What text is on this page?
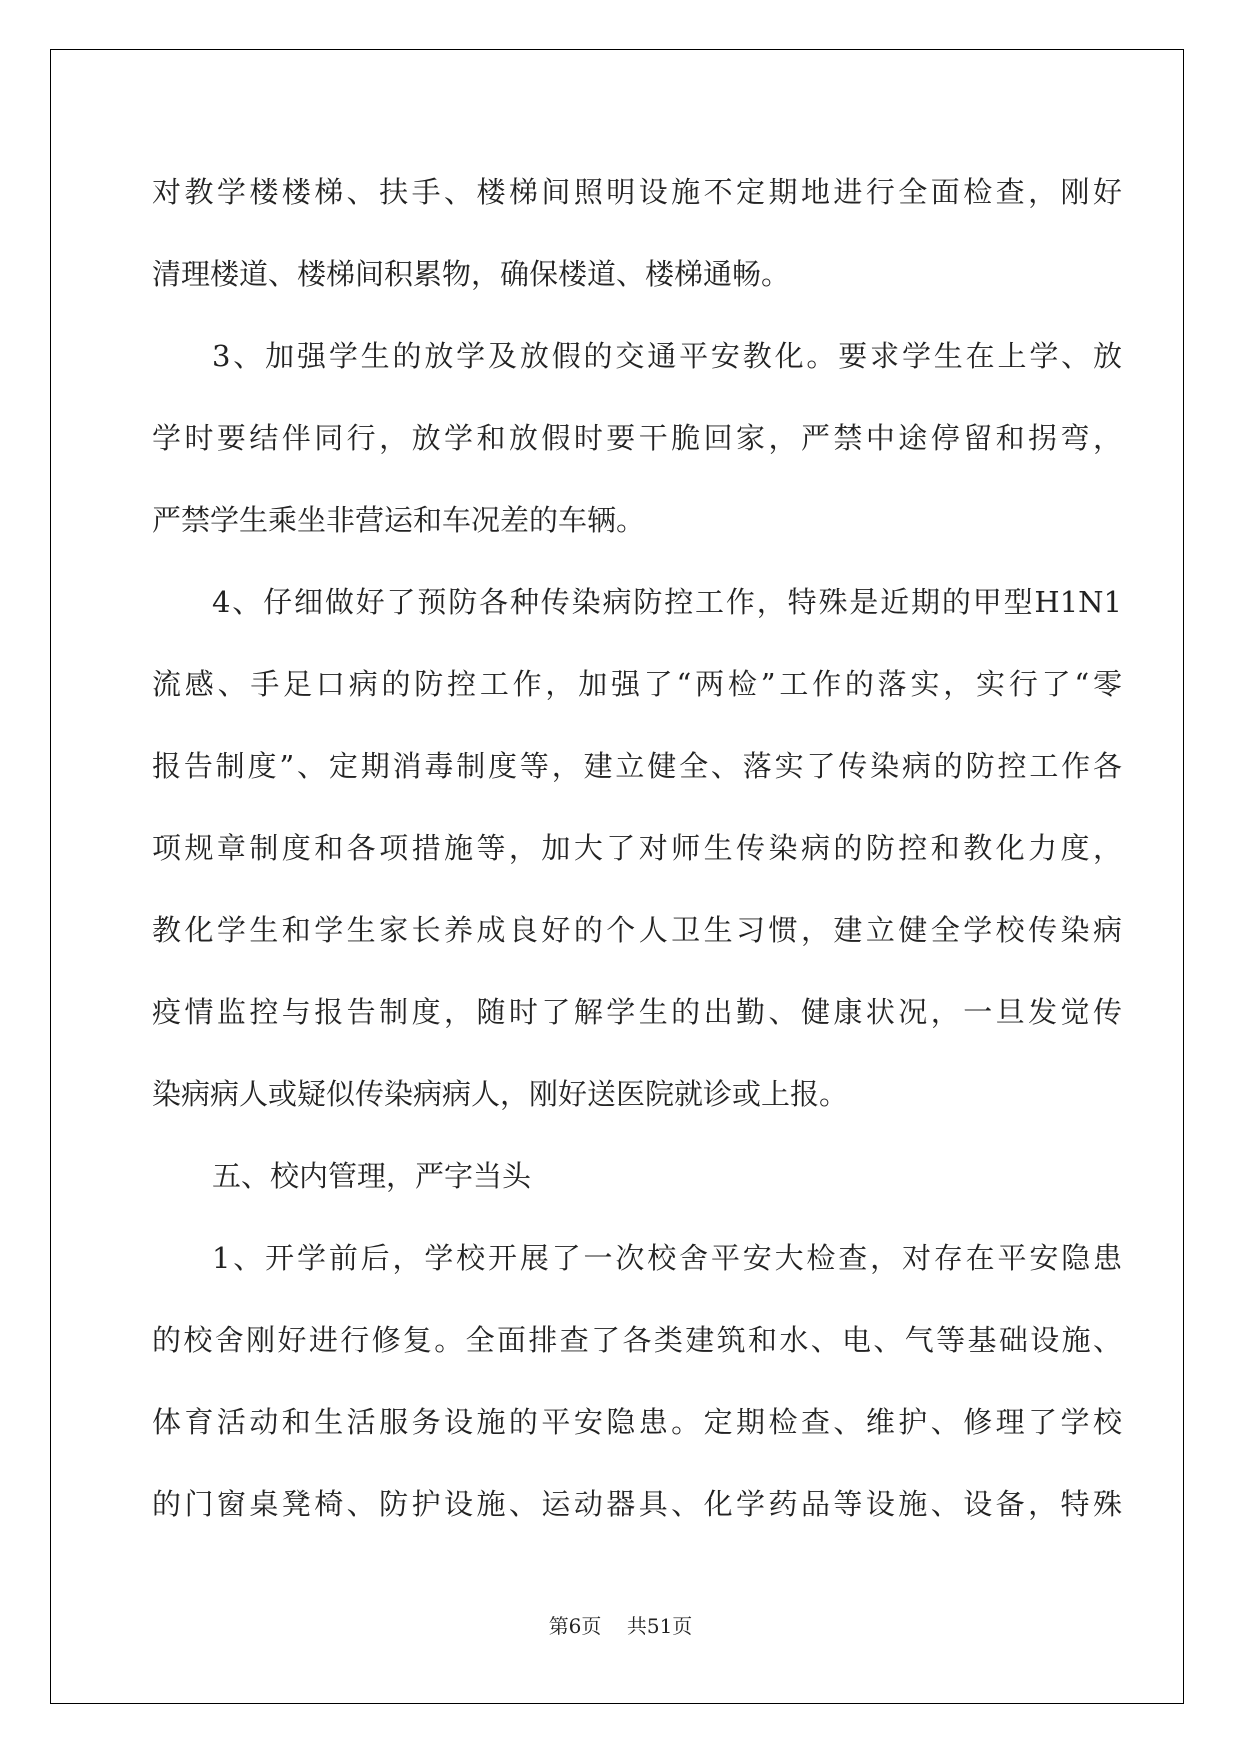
对教学楼楼梯、扶手、楼梯间照明设施不定期地进行全面检查，刚好
清理楼道、楼梯间积累物，确保楼道、楼梯通畅。
3、加强学生的放学及放假的交通平安教化。要求学生在上学、放
学时要结伴同行，放学和放假时要干脆回家，严禁中途停留和拐弯，
严禁学生乘坐非营运和车况差的车辆。
4、仔细做好了预防各种传染病防控工作，特殊是近期的甲型H1N1
流感、手足口病的防控工作，加强了“两检”工作的落实，实行了“零
报告制度”、定期消毒制度等，建立健全、落实了传染病的防控工作各
项规章制度和各项措施等，加大了对师生传染病的防控和教化力度，
教化学生和学生家长养成良好的个人卫生习惯，建立健全学校传染病
疫情监控与报告制度，随时了解学生的出勤、健康状况，一旦发觉传
染病病人或疑似传染病病人，刚好送医院就诊或上报。
五、校内管理，严字当头
1、开学前后，学校开展了一次校舍平安大检查，对存在平安隐患
的校舍刚好进行修复。全面排查了各类建筑和水、电、气等基础设施、
体育活动和生活服务设施的平安隐患。定期检查、维护、修理了学校
的门窗桌凳椅、防护设施、运动器具、化学药品等设施、设备，特殊
第6页    共51页
